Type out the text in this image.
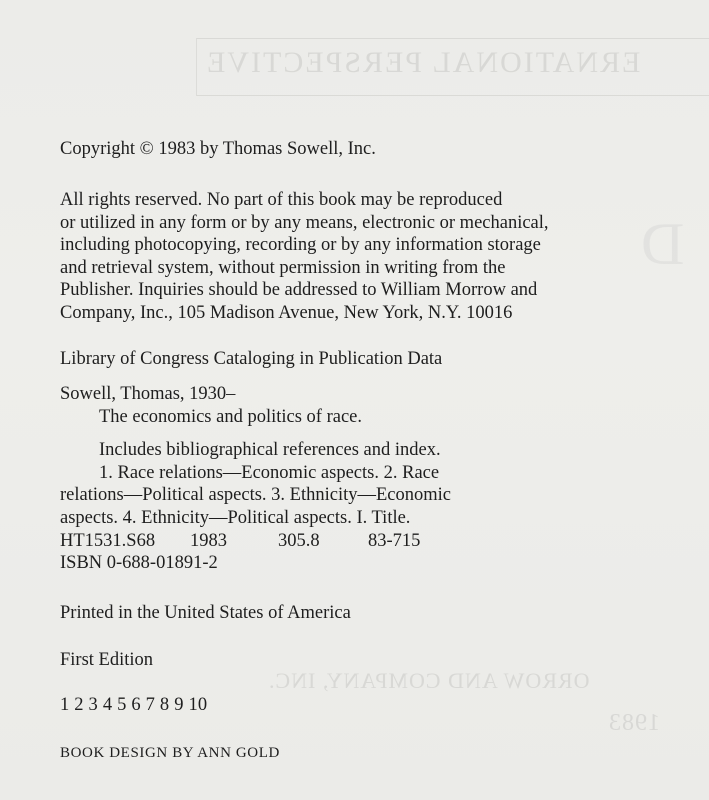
ERNATIONAL PERSPECTIVE
D
ORROW AND COMPANY, INC.
1983

Copyright © 1983 by Thomas Sowell, Inc.

All rights reserved. No part of this book may be reproduced
or utilized in any form or by any means, electronic or mechanical,
including photocopying, recording or by any information storage
and retrieval system, without permission in writing from the
Publisher. Inquiries should be addressed to William Morrow and
Company, Inc., 105 Madison Avenue, New York, N.Y. 10016

Library of Congress Cataloging in Publication Data

Sowell, Thomas, 1930–
The economics and politics of race.
Includes bibliographical references and index.
1. Race relations—Economic aspects. 2. Race
relations—Political aspects. 3. Ethnicity—Economic
aspects. 4. Ethnicity—Political aspects. I. Title.
HT1531.S68 1983	305.8	83-715
ISBN 0-688-01891-2

Printed in the United States of America

First Edition

1 2 3 4 5 6 7 8 9 10

BOOK DESIGN BY ANN GOLD
